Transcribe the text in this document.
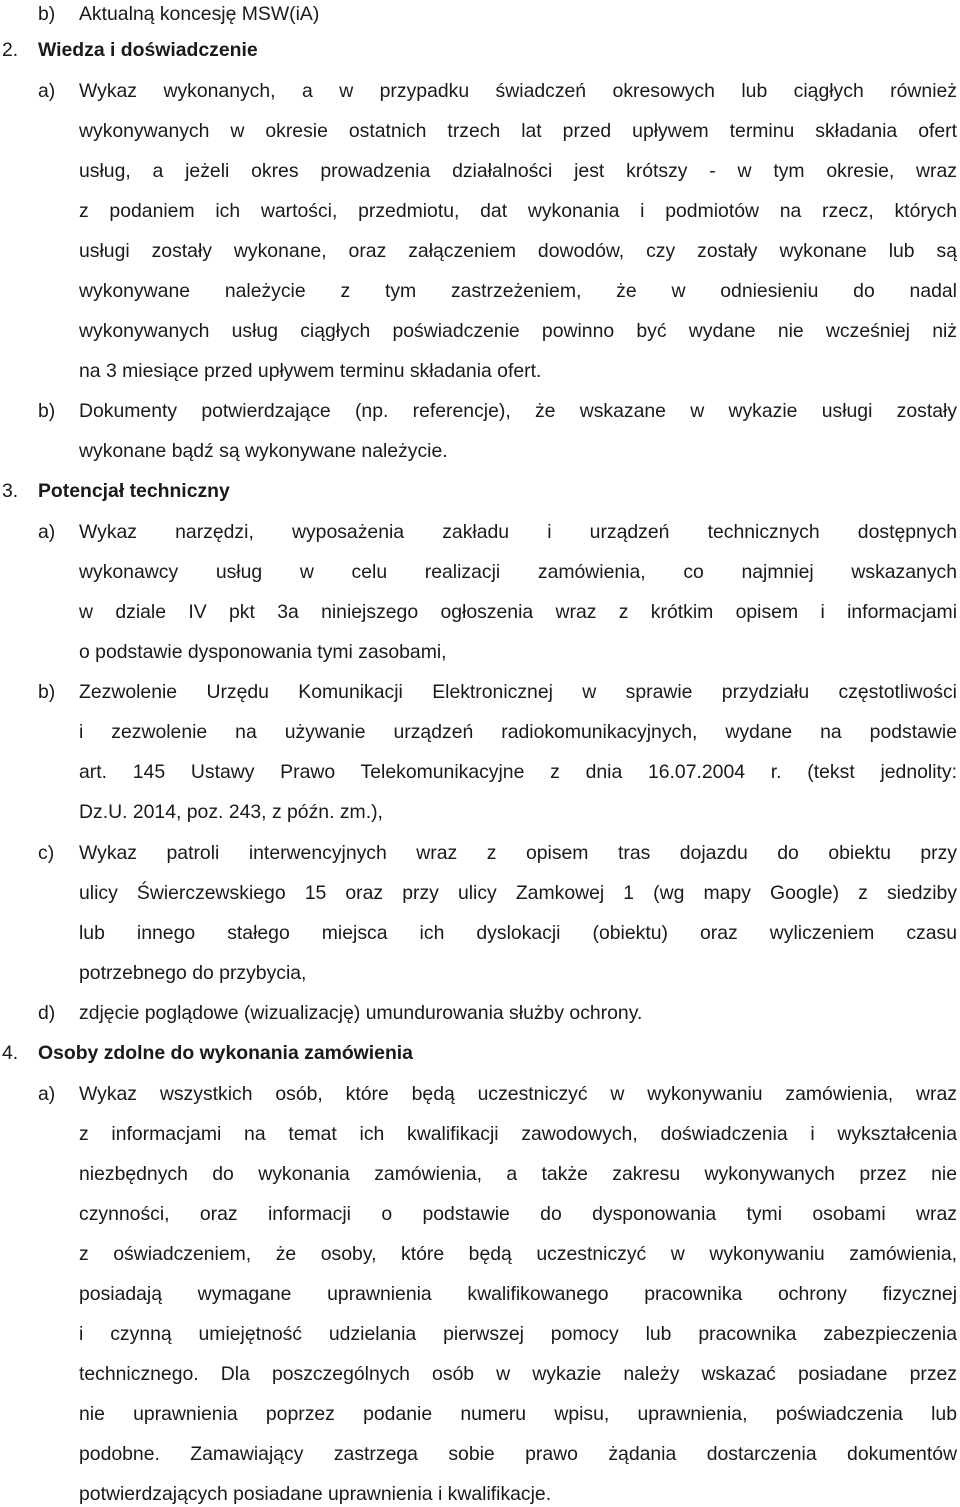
b) Aktualną koncesję MSW(iA)
2. Wiedza i doświadczenie
a) Wykaz wykonanych, a w przypadku świadczeń okresowych lub ciągłych również
wykonywanych w okresie ostatnich trzech lat przed upływem terminu składania ofert
usług, a jeżeli okres prowadzenia działalności jest krótszy - w tym okresie, wraz
z podaniem ich wartości, przedmiotu, dat wykonania i podmiotów na rzecz, których
usługi zostały wykonane, oraz załączeniem dowodów, czy zostały wykonane lub są
wykonywane należycie z tym zastrzeżeniem, że w odniesieniu do nadal
wykonywanych usług ciągłych poświadczenie powinno być wydane nie wcześniej niż
na 3 miesiące przed upływem terminu składania ofert.
b) Dokumenty potwierdzające (np. referencje), że wskazane w wykazie usługi zostały
wykonane bądź są wykonywane należycie.
3. Potencjał techniczny
a) Wykaz narzędzi, wyposażenia zakładu i urządzeń technicznych dostępnych
wykonawcy usług w celu realizacji zamówienia, co najmniej wskazanych
w dziale IV pkt 3a niniejszego ogłoszenia wraz z krótkim opisem i informacjami
o podstawie dysponowania tymi zasobami,
b) Zezwolenie Urzędu Komunikacji Elektronicznej w sprawie przydziału częstotliwości
i zezwolenie na używanie urządzeń radiokomunikacyjnych, wydane na podstawie
art. 145 Ustawy Prawo Telekomunikacyjne z dnia 16.07.2004 r. (tekst jednolity:
Dz.U. 2014, poz. 243, z późn. zm.),
c) Wykaz patroli interwencyjnych wraz z opisem tras dojazdu do obiektu przy
ulicy Świerczewskiego 15 oraz przy ulicy Zamkowej 1 (wg mapy Google) z siedziby
lub innego stałego miejsca ich dyslokacji (obiektu) oraz wyliczeniem czasu
potrzebnego do przybycia,
d) zdjęcie poglądowe (wizualizację) umundurowania służby ochrony.
4. Osoby zdolne do wykonania zamówienia
a) Wykaz wszystkich osób, które będą uczestniczyć w wykonywaniu zamówienia, wraz
z informacjami na temat ich kwalifikacji zawodowych, doświadczenia i wykształcenia
niezbędnych do wykonania zamówienia, a także zakresu wykonywanych przez nie
czynności, oraz informacji o podstawie do dysponowania tymi osobami wraz
z oświadczeniem, że osoby, które będą uczestniczyć w wykonywaniu zamówienia,
posiadają wymagane uprawnienia kwalifikowanego pracownika ochrony fizycznej
i czynną umiejętność udzielania pierwszej pomocy lub pracownika zabezpieczenia
technicznego. Dla poszczególnych osób w wykazie należy wskazać posiadane przez
nie uprawnienia poprzez podanie numeru wpisu, uprawnienia, poświadczenia lub
podobne. Zamawiający zastrzega sobie prawo żądania dostarczenia dokumentów
potwierdzających posiadane uprawnienia i kwalifikacje.
